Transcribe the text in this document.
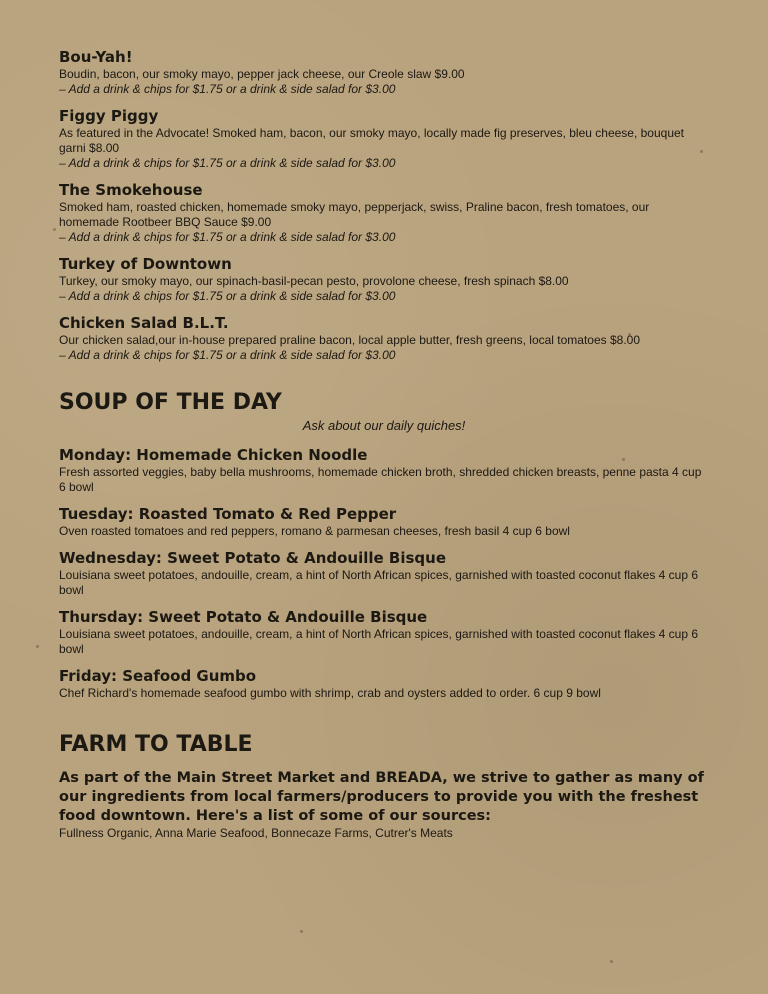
Bou-Yah!

Boudin, bacon, our smoky mayo, pepper jack cheese, our Creole slaw $9.00

– Add a drink & chips for $1.75 or a drink & side salad for $3.00

Figgy Piggy

As featured in the Advocate! Smoked ham, bacon, our smoky mayo, locally made fig preserves, bleu cheese, bouquet garni $8.00

– Add a drink & chips for $1.75 or a drink & side salad for $3.00

The Smokehouse

Smoked ham, roasted chicken, homemade smoky mayo, pepperjack, swiss, Praline bacon, fresh tomatoes, our homemade Rootbeer BBQ Sauce $9.00

– Add a drink & chips for $1.75 or a drink & side salad for $3.00

Turkey of Downtown

Turkey, our smoky mayo, our spinach-basil-pecan pesto, provolone cheese, fresh spinach $8.00

– Add a drink & chips for $1.75 or a drink & side salad for $3.00

Chicken Salad B.L.T.

Our chicken salad,our in-house prepared praline bacon, local apple butter, fresh greens, local tomatoes $8.00

– Add a drink & chips for $1.75 or a drink & side salad for $3.00

SOUP OF THE DAY

Ask about our daily quiches!

Monday: Homemade Chicken Noodle

Fresh assorted veggies, baby bella mushrooms, homemade chicken broth, shredded chicken breasts, penne pasta 4 cup 6 bowl

Tuesday: Roasted Tomato & Red Pepper

Oven roasted tomatoes and red peppers, romano & parmesan cheeses, fresh basil 4 cup 6 bowl

Wednesday: Sweet Potato & Andouille Bisque

Louisiana sweet potatoes, andouille, cream, a hint of North African spices, garnished with toasted coconut flakes 4 cup 6 bowl

Thursday: Sweet Potato & Andouille Bisque

Louisiana sweet potatoes, andouille, cream, a hint of North African spices, garnished with toasted coconut flakes 4 cup 6 bowl

Friday: Seafood Gumbo

Chef Richard's homemade seafood gumbo with shrimp, crab and oysters added to order. 6 cup 9 bowl

FARM TO TABLE

As part of the Main Street Market and BREADA, we strive to gather as many of our ingredients from local farmers/producers to provide you with the freshest food downtown. Here's a list of some of our sources:

Fullness Organic, Anna Marie Seafood, Bonnecaze Farms, Cutrer's Meats
